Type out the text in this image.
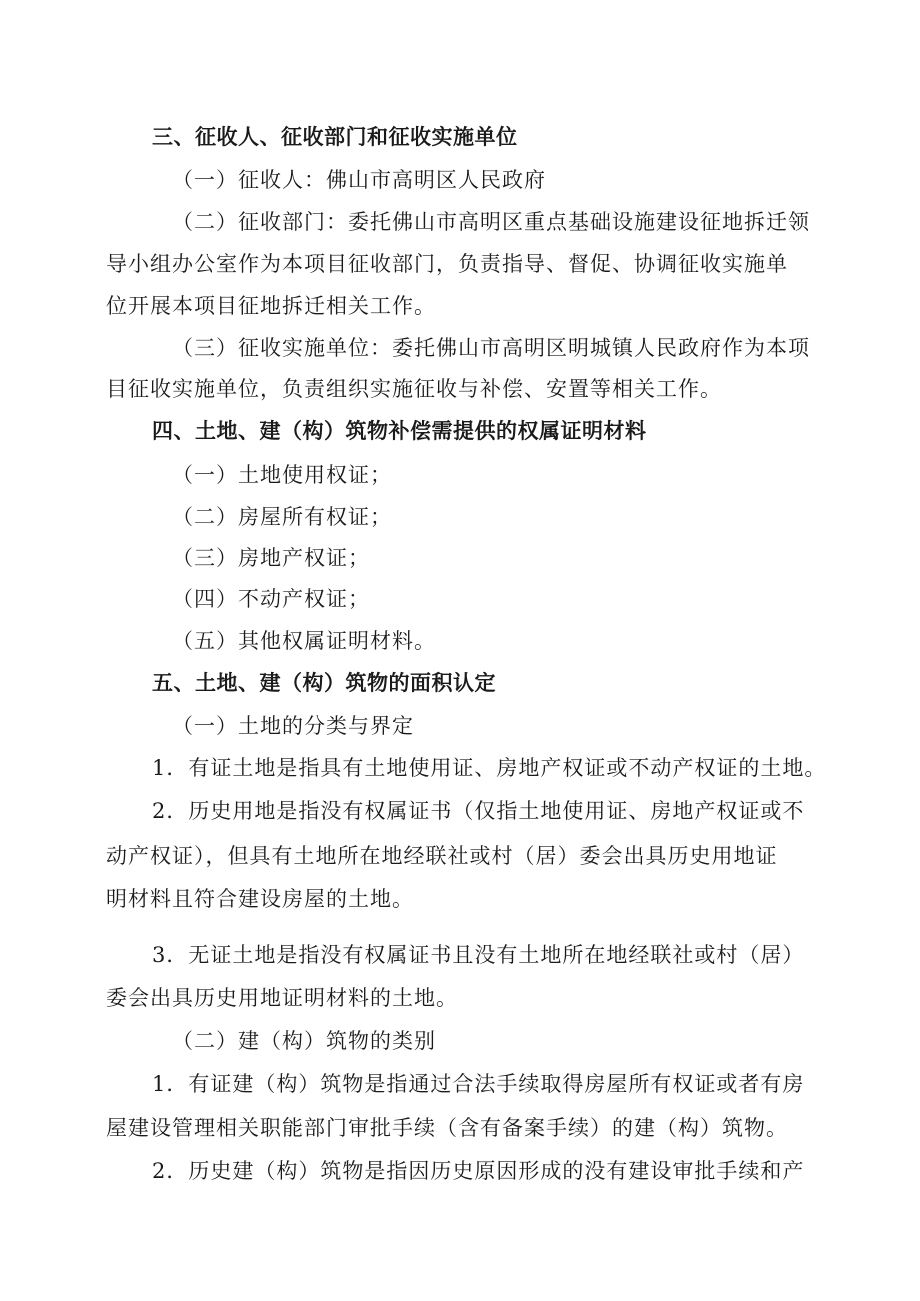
三、征收人、征收部门和征收实施单位
（一）征收人：佛山市高明区人民政府
（二）征收部门：委托佛山市高明区重点基础设施建设征地拆迁领
导小组办公室作为本项目征收部门，负责指导、督促、协调征收实施单
位开展本项目征地拆迁相关工作。
（三）征收实施单位：委托佛山市高明区明城镇人民政府作为本项
目征收实施单位，负责组织实施征收与补偿、安置等相关工作。
四、土地、建（构）筑物补偿需提供的权属证明材料
（一）土地使用权证；
（二）房屋所有权证；
（三）房地产权证；
（四）不动产权证；
（五）其他权属证明材料。
五、土地、建（构）筑物的面积认定
（一）土地的分类与界定
1．有证土地是指具有土地使用证、房地产权证或不动产权证的土地。
2．历史用地是指没有权属证书（仅指土地使用证、房地产权证或不
动产权证），但具有土地所在地经联社或村（居）委会出具历史用地证
明材料且符合建设房屋的土地。
3．无证土地是指没有权属证书且没有土地所在地经联社或村（居）
委会出具历史用地证明材料的土地。
（二）建（构）筑物的类别
1．有证建（构）筑物是指通过合法手续取得房屋所有权证或者有房
屋建设管理相关职能部门审批手续（含有备案手续）的建（构）筑物。
2．历史建（构）筑物是指因历史原因形成的没有建设审批手续和产
